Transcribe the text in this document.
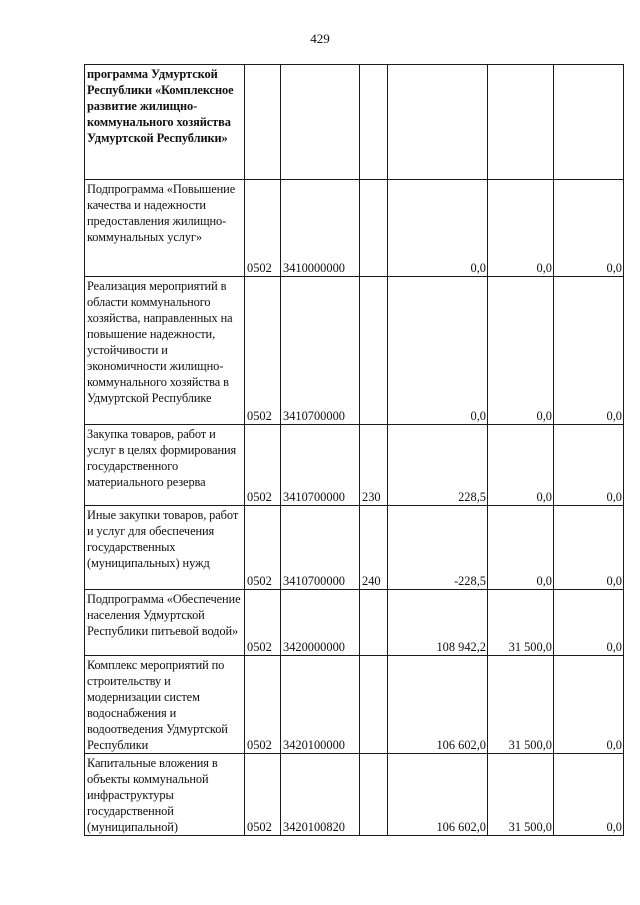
429
программа Удмуртской Республики «Комплексное развитие жилищно-коммунального хозяйства Удмуртской Республики»						
Подпрограмма «Повышение качества и надежности предоставления жилищно-коммунальных услуг»	0502	3410000000		0,0	0,0	0,0
Реализация мероприятий в области коммунального хозяйства, направленных на повышение надежности, устойчивости и экономичности жилищно-коммунального хозяйства в Удмуртской Республике	0502	3410700000		0,0	0,0	0,0
Закупка товаров, работ и услуг в целях формирования государственного материального резерва	0502	3410700000	230	228,5	0,0	0,0
Иные закупки товаров, работ и услуг для обеспечения государственных (муниципальных) нужд	0502	3410700000	240	-228,5	0,0	0,0
Подпрограмма «Обеспечение населения Удмуртской Республики питьевой водой»	0502	3420000000		108 942,2	31 500,0	0,0
Комплекс мероприятий по строительству и модернизации систем водоснабжения и водоотведения Удмуртской Республики	0502	3420100000		106 602,0	31 500,0	0,0
Капитальные вложения в объекты коммунальной инфраструктуры государственной (муниципальной)	0502	3420100820		106 602,0	31 500,0	0,0
